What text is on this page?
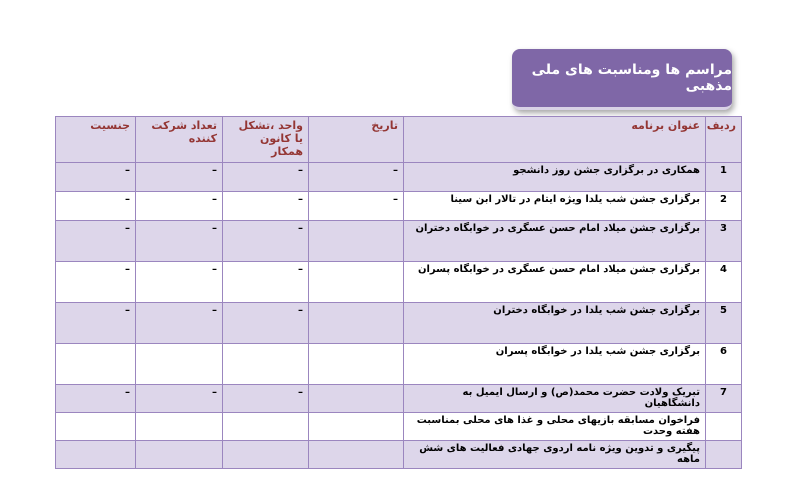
مراسم ها ومناسبت های ملی مذهبی
ردیف	عنوان برنامه	تاریخ	واحد ،تشکل یا کانون همکار	تعداد شرکت کننده	جنسیت
1	همکاری در برگزاری جشن روز دانشجو	–	–	–	–
2	برگزاری جشن شب یلدا ویژه ایتام در تالار ابن سینا	–	–	–	–
3	برگزاری جشن میلاد امام حسن عسگری در خوابگاه دختران		–	–	–
4	برگزاری جشن میلاد امام حسن عسگری در خوابگاه پسران		–	–	–
5	برگزاری جشن شب یلدا در خوابگاه دختران		–	–	–
6	برگزاری جشن شب یلدا در خوابگاه پسران				
7	تبریک ولادت حضرت محمد(ص) و ارسال ایمیل به دانشگاهیان		–	–	–
	فراخوان مسابقه بازیهای محلی و غذا های محلی بمناسبت هفته وحدت				
	پیگیری و تدوین ویژه نامه اردوی جهادی فعالیت های شش ماهه				
